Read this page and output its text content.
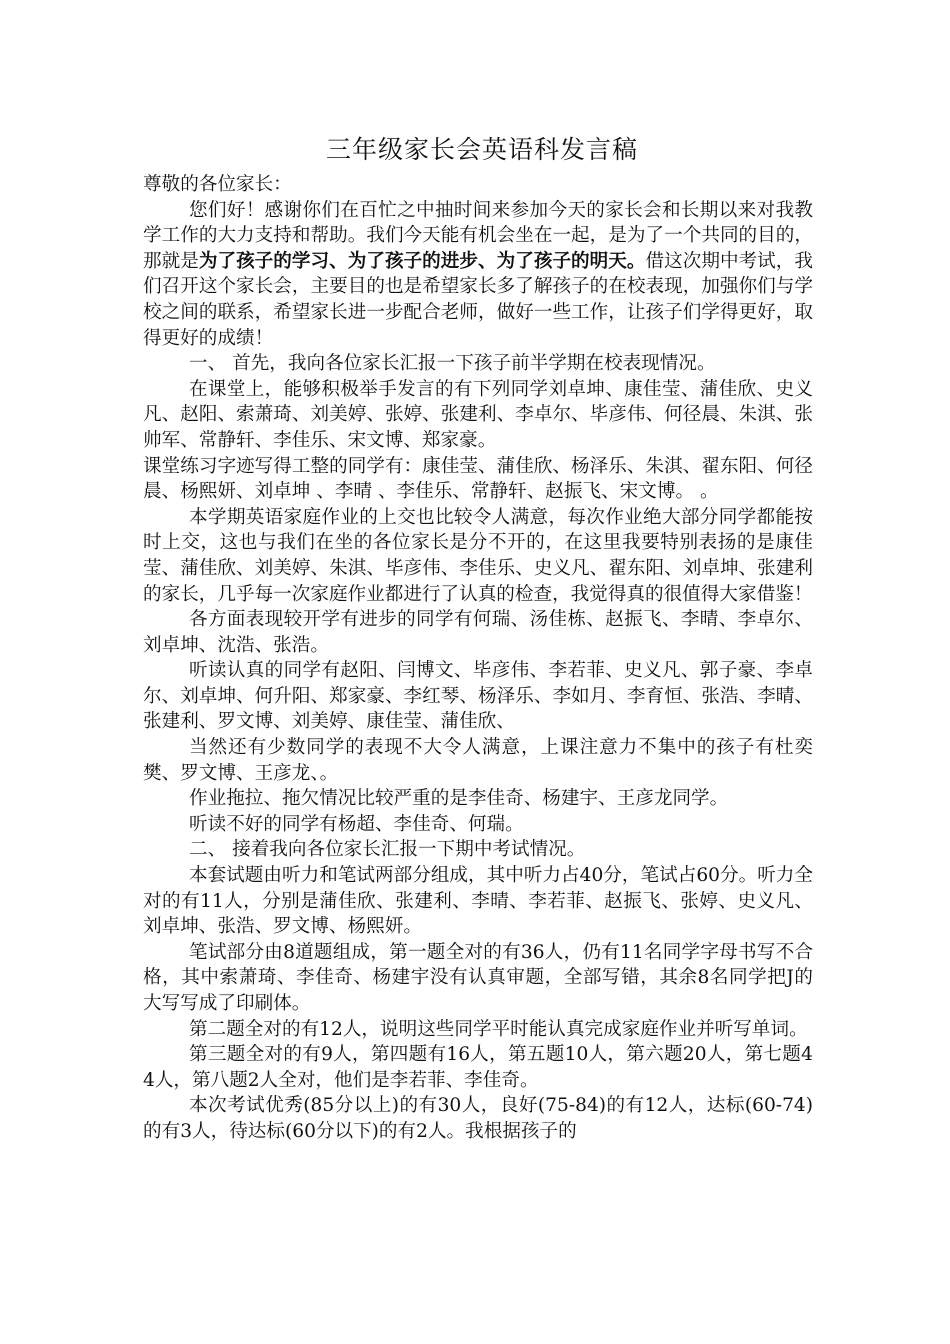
三年级家长会英语科发言稿

尊敬的各位家长：

您们好！感谢你们在百忙之中抽时间来参加今天的家长会和长期以来对我教学工作的大力支持和帮助。我们今天能有机会坐在一起，是为了一个共同的目的，那就是为了孩子的学习、为了孩子的进步、为了孩子的明天。借这次期中考试，我们召开这个家长会，主要目的也是希望家长多了解孩子的在校表现，加强你们与学校之间的联系，希望家长进一步配合老师，做好一些工作，让孩子们学得更好，取得更好的成绩！

一、 首先，我向各位家长汇报一下孩子前半学期在校表现情况。

在课堂上，能够积极举手发言的有下列同学刘卓坤、康佳莹、蒲佳欣、史义凡、赵阳、索萧琦、刘美婷、张婷、张建利、李卓尔、毕彦伟、何径晨、朱淇、张帅军、常静轩、李佳乐、宋文博、郑家豪。

课堂练习字迹写得工整的同学有：康佳莹、蒲佳欣、杨泽乐、朱淇、翟东阳、何径晨、杨熙妍、刘卓坤 、李晴 、李佳乐、常静轩、赵振飞、宋文博。 。

本学期英语家庭作业的上交也比较令人满意，每次作业绝大部分同学都能按时上交，这也与我们在坐的各位家长是分不开的，在这里我要特别表扬的是康佳莹、蒲佳欣、刘美婷、朱淇、毕彦伟、李佳乐、史义凡、翟东阳、刘卓坤、张建利的家长，几乎每一次家庭作业都进行了认真的检查，我觉得真的很值得大家借鉴！

各方面表现较开学有进步的同学有何瑞、汤佳栋、赵振飞、李晴、李卓尔、刘卓坤、沈浩、张浩。

听读认真的同学有赵阳、闫博文、毕彦伟、李若菲、史义凡、郭子豪、李卓尔、刘卓坤、何升阳、郑家豪、李红琴、杨泽乐、李如月、李育恒、张浩、李晴、张建利、罗文博、刘美婷、康佳莹、蒲佳欣、

当然还有少数同学的表现不大令人满意，上课注意力不集中的孩子有杜奕樊、罗文博、王彦龙、。

作业拖拉、拖欠情况比较严重的是李佳奇、杨建宇、王彦龙同学。

听读不好的同学有杨超、李佳奇、何瑞。

二、 接着我向各位家长汇报一下期中考试情况。

本套试题由听力和笔试两部分组成，其中听力占40分，笔试占60分。听力全对的有11人，分别是蒲佳欣、张建利、李晴、李若菲、赵振飞、张婷、史义凡、刘卓坤、张浩、罗文博、杨熙妍。

笔试部分由8道题组成，第一题全对的有36人，仍有11名同学字母书写不合格，其中索萧琦、李佳奇、杨建宇没有认真审题，全部写错，其余8名同学把J的大写写成了印刷体。

第二题全对的有12人，说明这些同学平时能认真完成家庭作业并听写单词。

第三题全对的有9人，第四题有16人，第五题10人，第六题20人，第七题44人，第八题2人全对，他们是李若菲、李佳奇。

本次考试优秀(85分以上)的有30人，良好(75-84)的有12人，达标(60-74)的有3人，待达标(60分以下)的有2人。我根据孩子的
